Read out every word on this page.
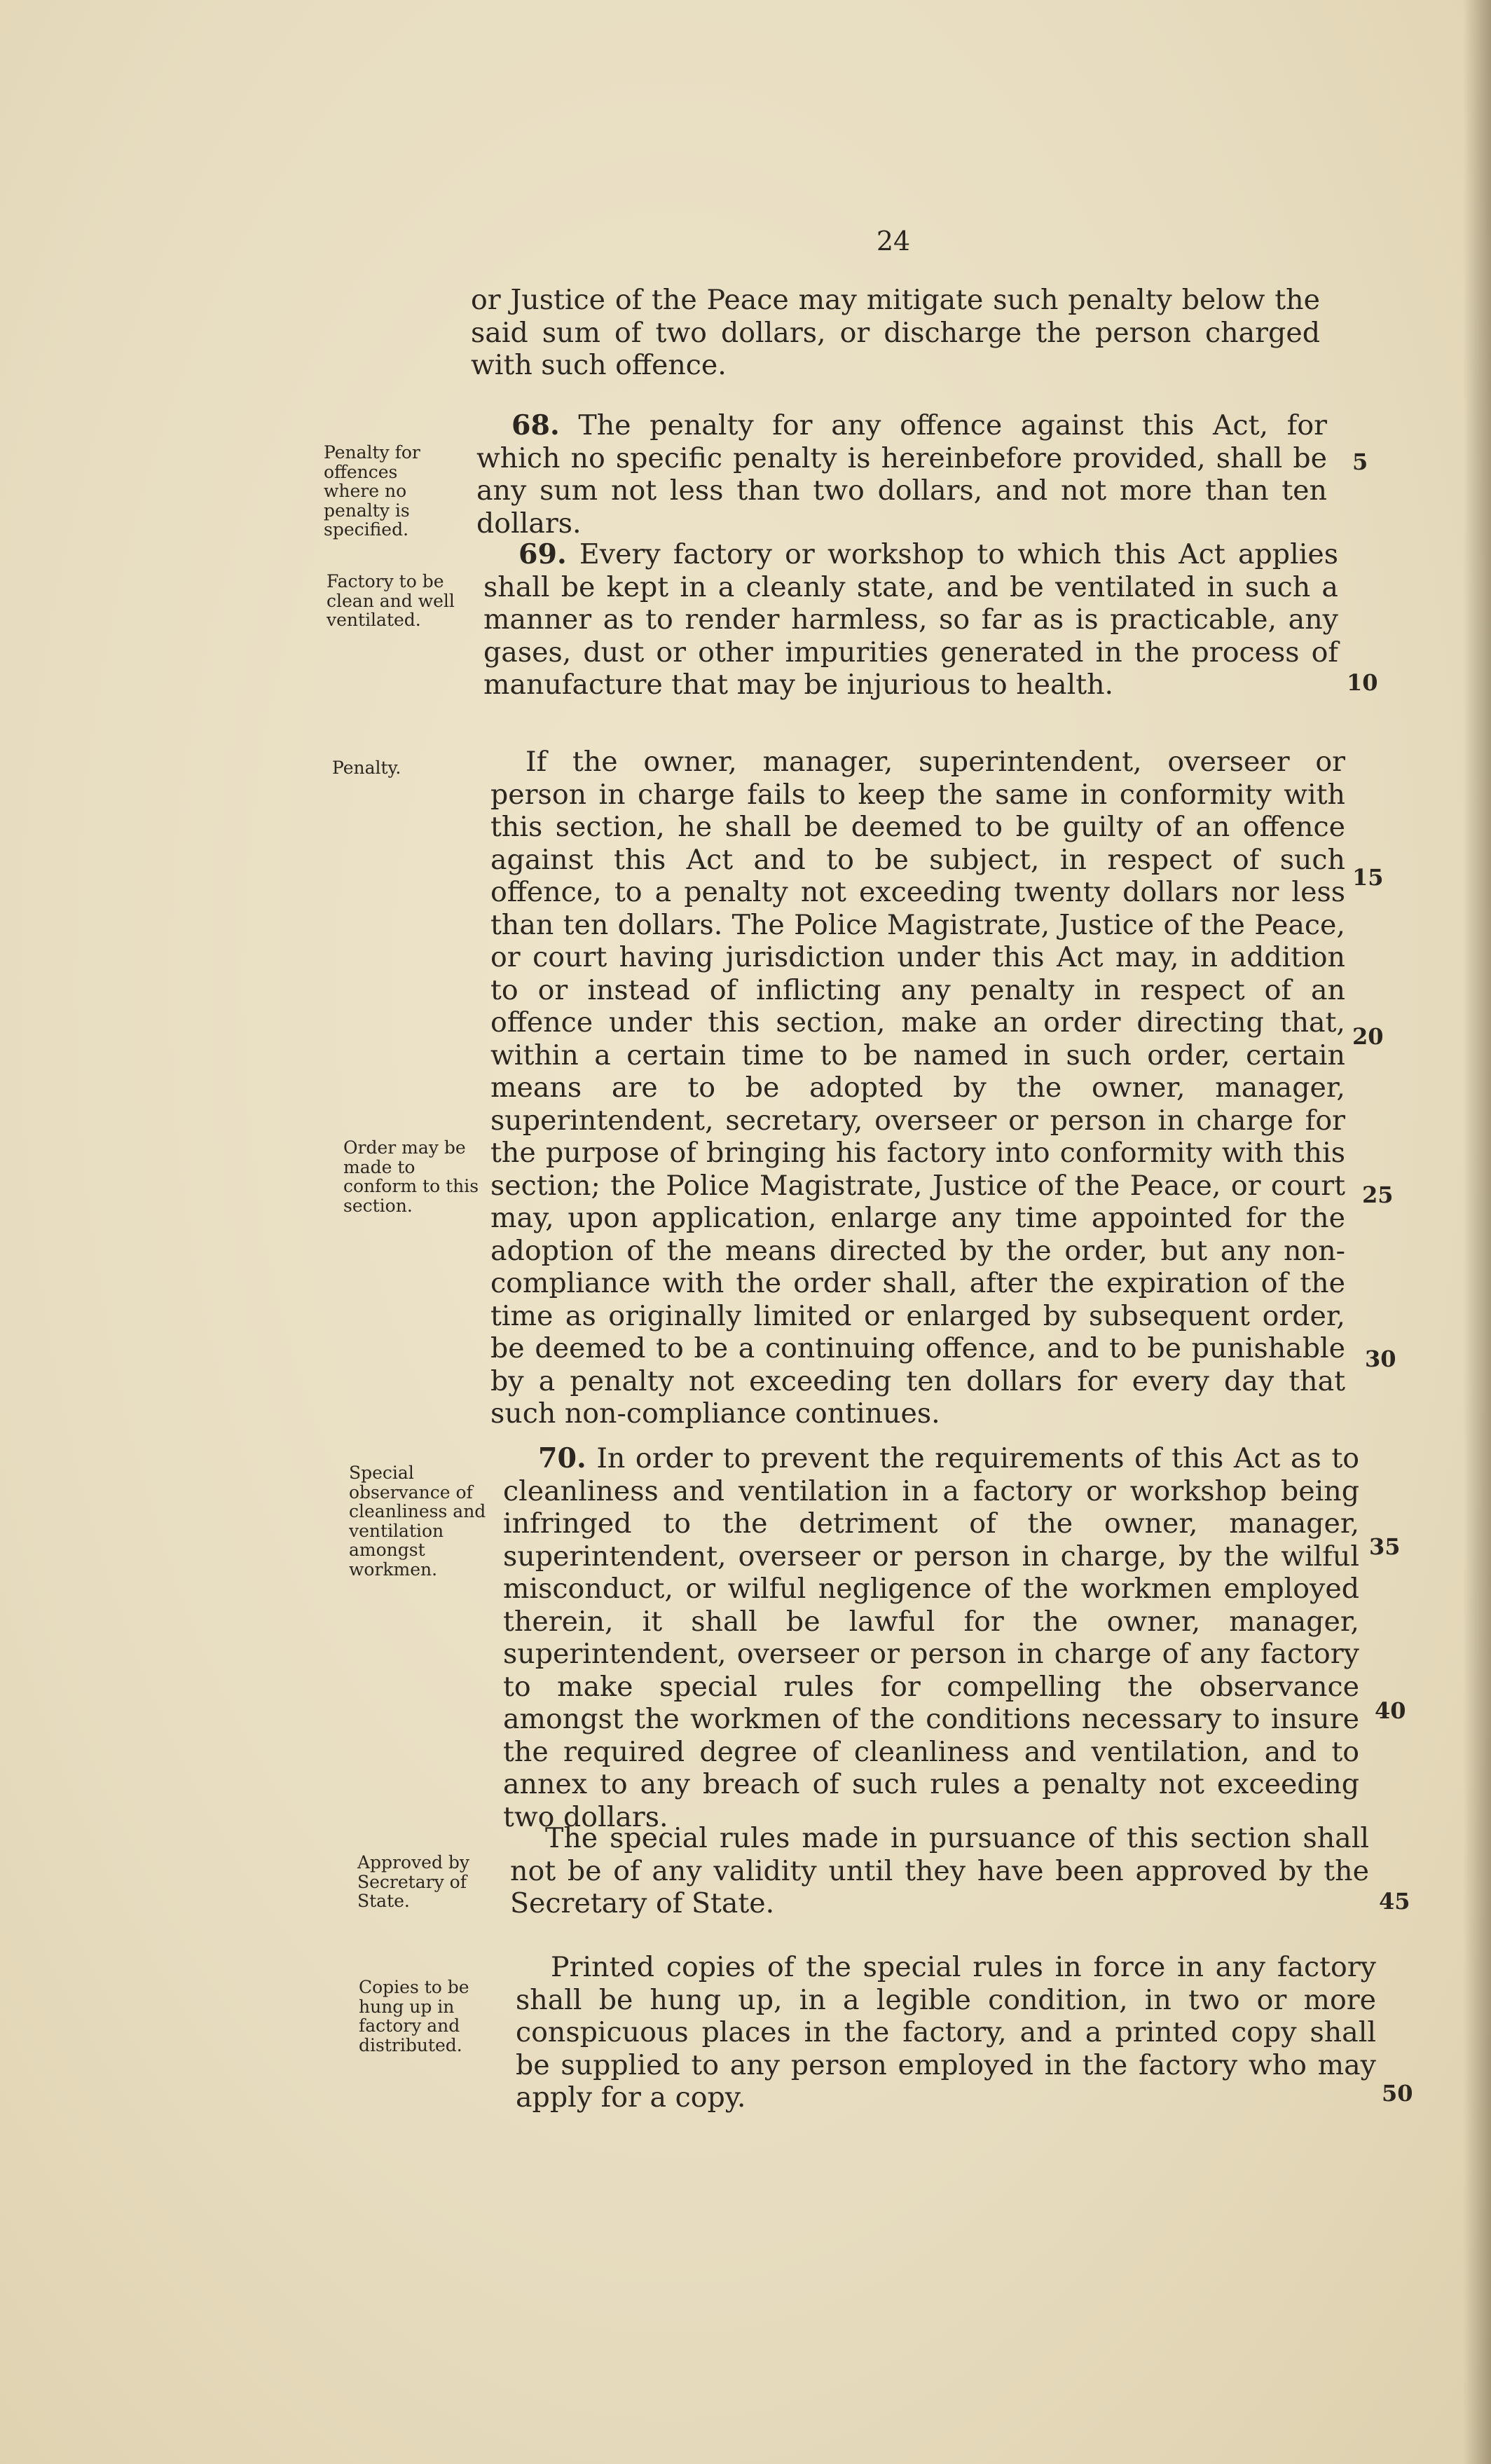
24
or Justice of the Peace may mitigate such penalty below the said sum of two dollars, or discharge the person charged with such offence.
68. The penalty for any offence against this Act, for which no specific penalty is hereinbefore provided, shall be any sum not less than two dollars, and not more than ten dollars.
69. Every factory or workshop to which this Act applies shall be kept in a cleanly state, and be ventilated in such a manner as to render harmless, so far as is practicable, any gases, dust or other impurities generated in the process of manufacture that may be injurious to health.
If the owner, manager, superintendent, overseer or person in charge fails to keep the same in conformity with this section, he shall be deemed to be guilty of an offence against this Act and to be subject, in respect of such offence, to a penalty not exceeding twenty dollars nor less than ten dollars. The Police Magistrate, Justice of the Peace, or court having jurisdiction under this Act may, in addition to or instead of inflicting any penalty in respect of an offence under this section, make an order directing that, within a certain time to be named in such order, certain means are to be adopted by the owner, manager, superintendent, secretary, overseer or person in charge for the purpose of bringing his factory into conformity with this section; the Police Magistrate, Justice of the Peace, or court may, upon application, enlarge any time appointed for the adoption of the means directed by the order, but any non-compliance with the order shall, after the expiration of the time as originally limited or enlarged by subsequent order, be deemed to be a continuing offence, and to be punishable by a penalty not exceeding ten dollars for every day that such non-compliance continues.
70. In order to prevent the requirements of this Act as to cleanliness and ventilation in a factory or workshop being infringed to the detriment of the owner, manager, superintendent, overseer or person in charge, by the wilful misconduct, or wilful negligence of the workmen employed therein, it shall be lawful for the owner, manager, superintendent, overseer or person in charge of any factory to make special rules for compelling the observance amongst the workmen of the conditions necessary to insure the required degree of cleanliness and ventilation, and to annex to any breach of such rules a penalty not exceeding two dollars.
The special rules made in pursuance of this section shall not be of any validity until they have been approved by the Secretary of State.
Printed copies of the special rules in force in any factory shall be hung up, in a legible condition, in two or more conspicuous places in the factory, and a printed copy shall be supplied to any person employed in the factory who may apply for a copy.
Penalty for offences where no penalty is specified.
Factory to be clean and well ventilated.
Penalty.
Order may be made to conform to this section.
Special observance of cleanliness and ventilation amongst workmen.
Approved by Secretary of State.
Copies to be hung up in factory and distributed.
5
10
15
20
25
30
35
40
45
50
